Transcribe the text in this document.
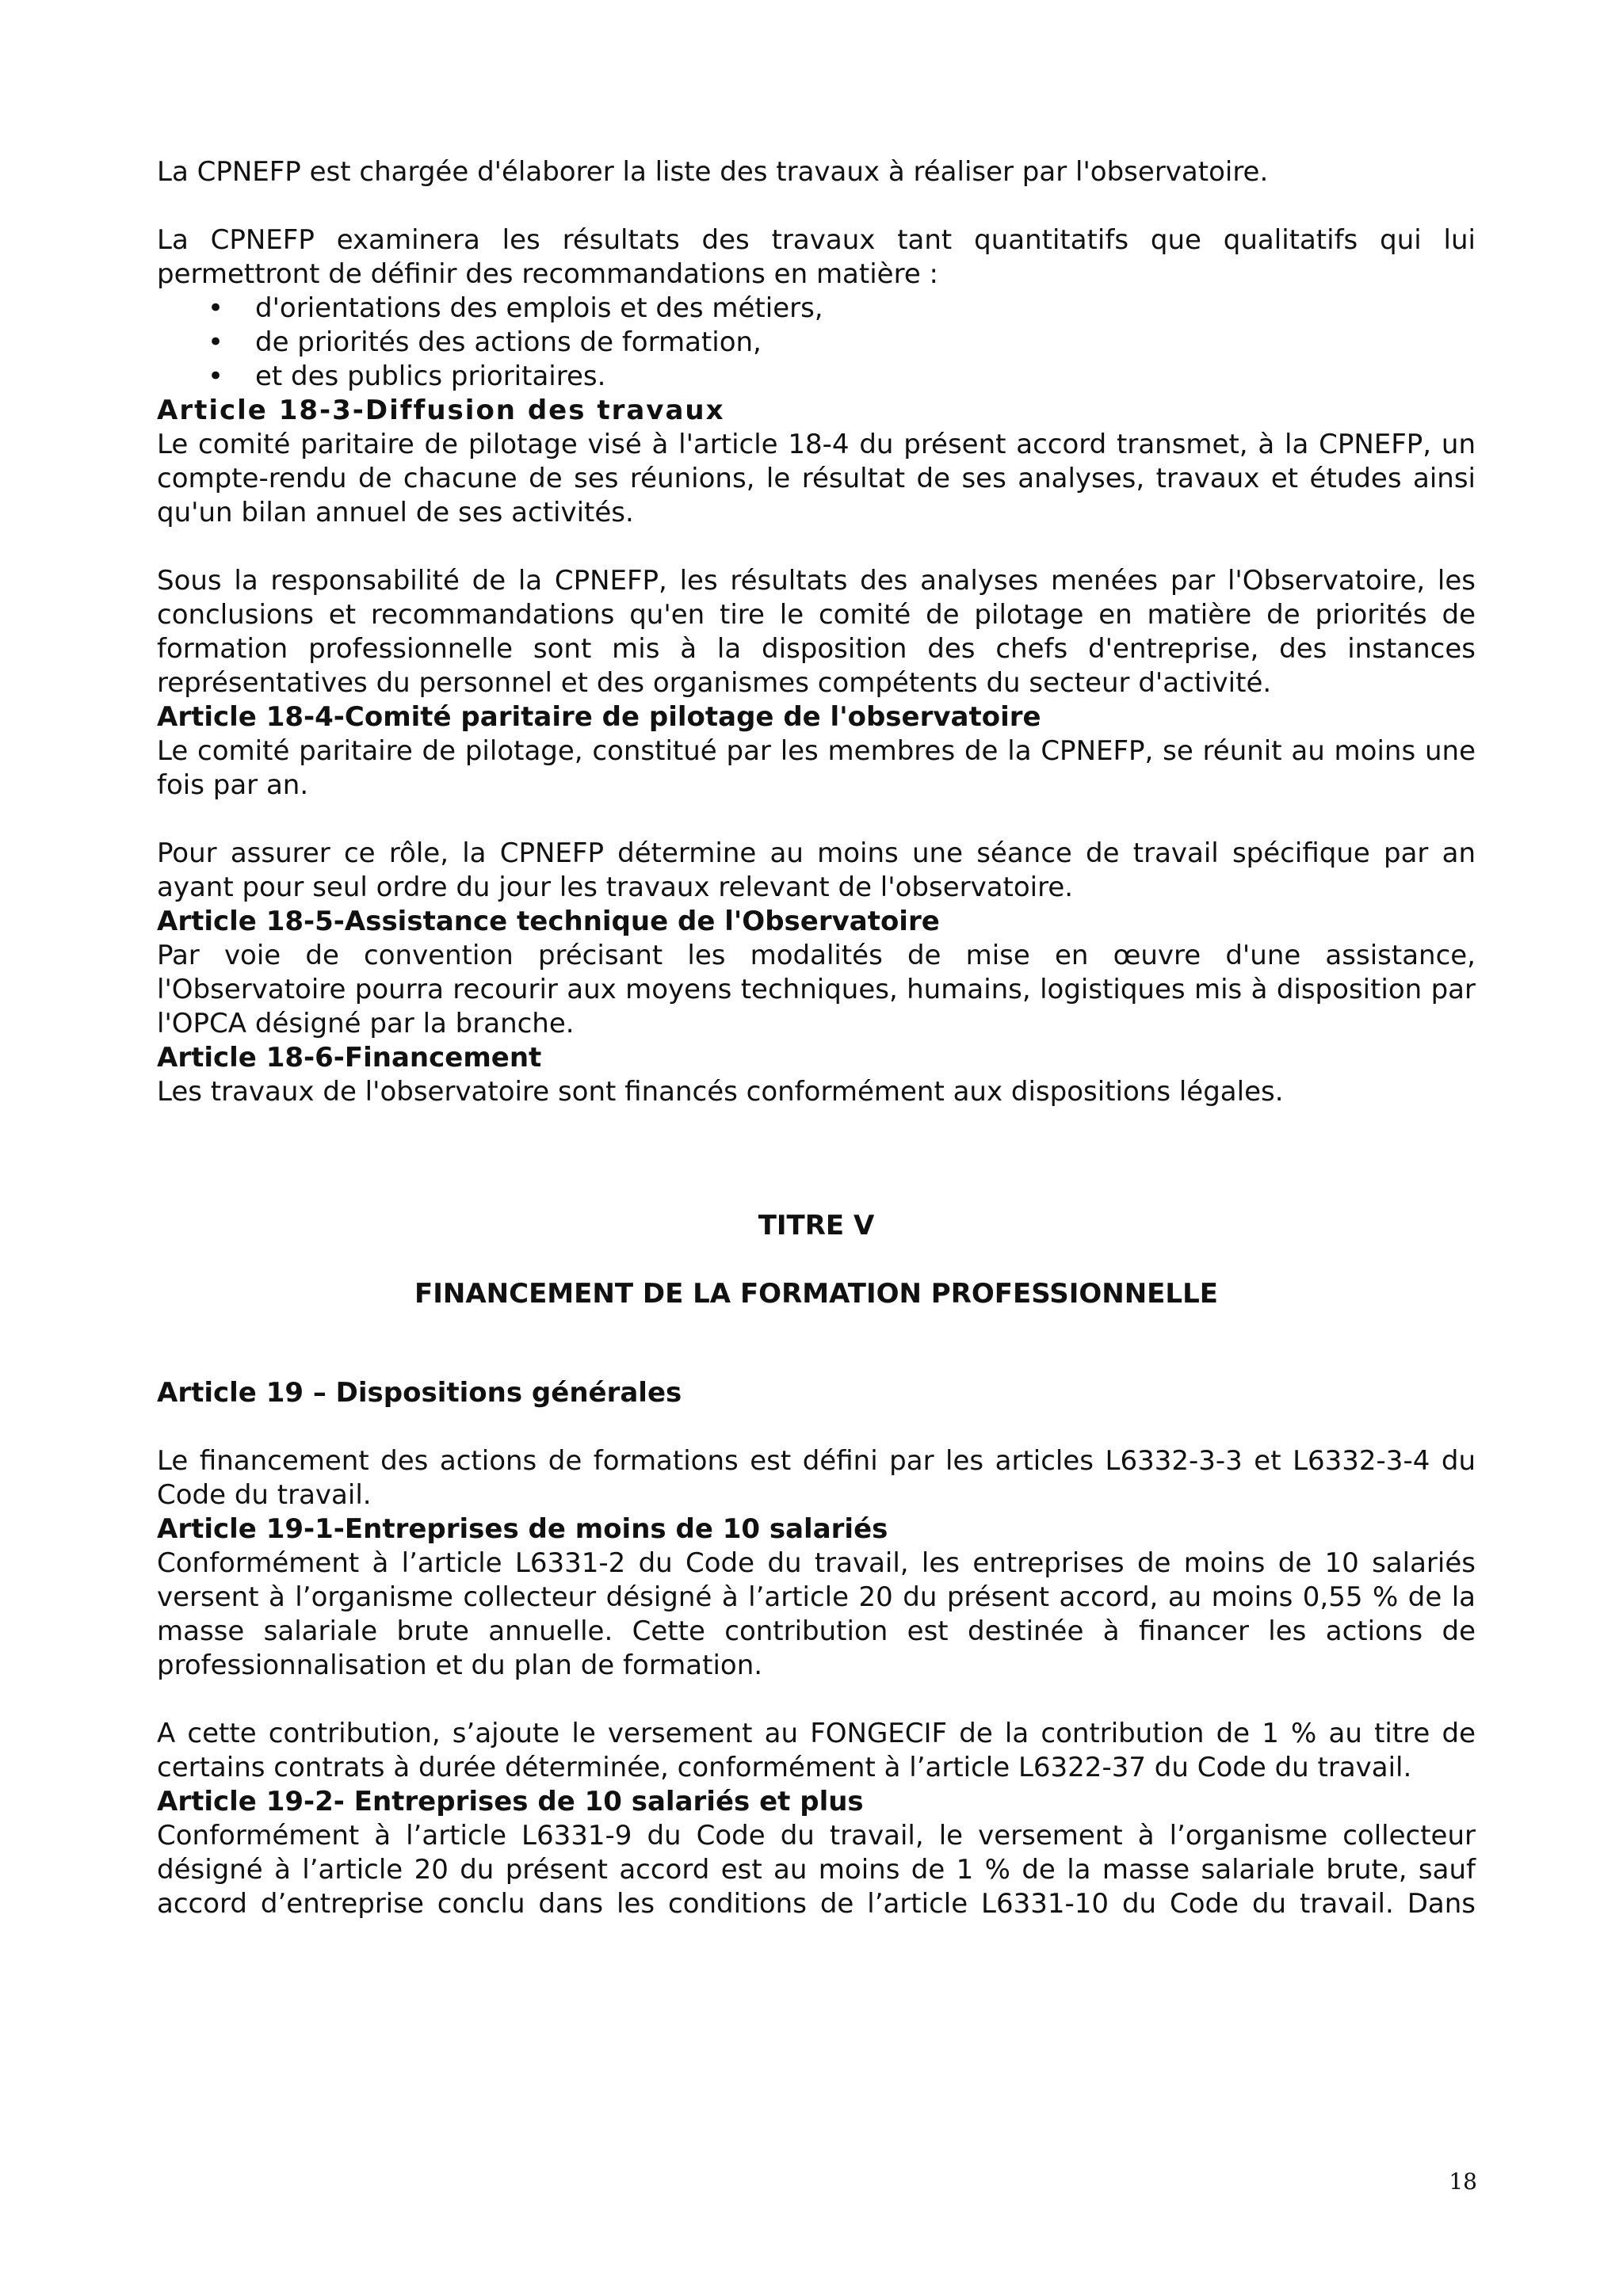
La CPNEFP est chargée d'élaborer la liste des travaux à réaliser par l'observatoire.

La CPNEFP examinera les résultats des travaux tant quantitatifs que qualitatifs qui lui permettront de définir des recommandations en matière :

• d'orientations des emplois et des métiers,
• de priorités des actions de formation,
• et des publics prioritaires.

Article 18-3-Diffusion des travaux

Le comité paritaire de pilotage visé à l'article 18-4 du présent accord transmet, à la CPNEFP, un compte-rendu de chacune de ses réunions, le résultat de ses analyses, travaux et études ainsi qu'un bilan annuel de ses activités.

Sous la responsabilité de la CPNEFP, les résultats des analyses menées par l'Observatoire, les conclusions et recommandations qu'en tire le comité de pilotage en matière de priorités de formation professionnelle sont mis à la disposition des chefs d'entreprise, des instances représentatives du personnel et des organismes compétents du secteur d'activité.

Article 18-4-Comité paritaire de pilotage de l'observatoire

Le comité paritaire de pilotage, constitué par les membres de la CPNEFP, se réunit au moins une fois par an.

Pour assurer ce rôle, la CPNEFP détermine au moins une séance de travail spécifique par an ayant pour seul ordre du jour les travaux relevant de l'observatoire.

Article 18-5-Assistance technique de l'Observatoire

Par voie de convention précisant les modalités de mise en œuvre d'une assistance, l'Observatoire pourra recourir aux moyens techniques, humains, logistiques mis à disposition par l'OPCA désigné par la branche.

Article 18-6-Financement

Les travaux de l'observatoire sont financés conformément aux dispositions légales.

TITRE V

FINANCEMENT DE LA FORMATION PROFESSIONNELLE

Article 19 – Dispositions générales

Le financement des actions de formations est défini par les articles L6332-3-3 et L6332-3-4 du Code du travail.

Article 19-1-Entreprises de moins de 10 salariés

Conformément à l’article L6331-2 du Code du travail, les entreprises de moins de 10 salariés versent à l’organisme collecteur désigné à l’article 20 du présent accord, au moins 0,55 % de la masse salariale brute annuelle. Cette contribution est destinée à financer les actions de professionnalisation et du plan de formation.

A cette contribution, s’ajoute le versement au FONGECIF de la contribution de 1 % au titre de certains contrats à durée déterminée, conformément à l’article L6322-37 du Code du travail.

Article 19-2- Entreprises de 10 salariés et plus

Conformément à l’article L6331-9 du Code du travail, le versement à l’organisme collecteur désigné à l’article 20 du présent accord est au moins de 1 % de la masse salariale brute, sauf accord d’entreprise conclu dans les conditions de l’article L6331-10 du Code du travail. Dans

18
